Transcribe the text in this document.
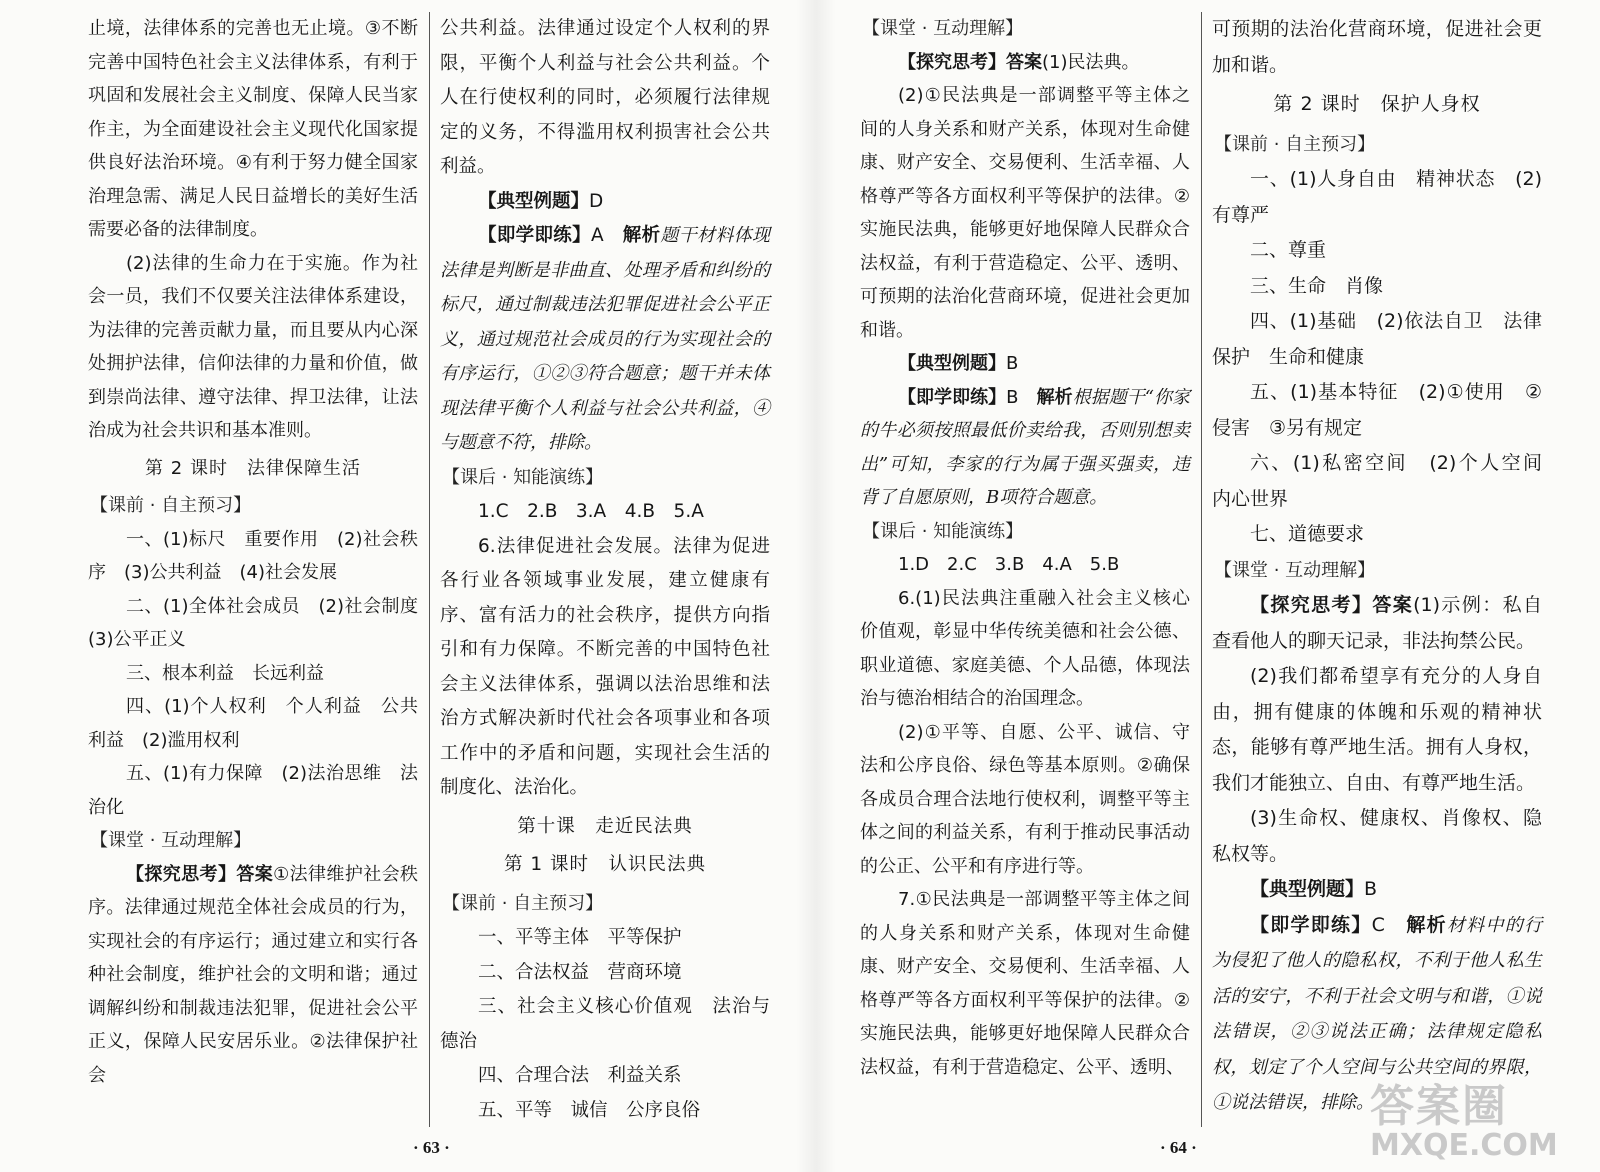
止境，法律体系的完善也无止境。③不断完善中国特色社会主义法律体系，有利于巩固和发展社会主义制度、保障人民当家作主，为全面建设社会主义现代化国家提供良好法治环境。④有利于努力健全国家治理急需、满足人民日益增长的美好生活需要必备的法律制度。

(2)法律的生命力在于实施。作为社会一员，我们不仅要关注法律体系建设，为法律的完善贡献力量，而且要从内心深处拥护法律，信仰法律的力量和价值，做到崇尚法律、遵守法律、捍卫法律，让法治成为社会共识和基本准则。

第 2 课时　法律保障生活

【课前 · 自主预习】

一、(1)标尺　重要作用　(2)社会秩序　(3)公共利益　(4)社会发展

二、(1)全体社会成员　(2)社会制度(3)公平正义

三、根本利益　长远利益

四、(1)个人权利　个人利益　公共利益　(2)滥用权利

五、(1)有力保障　(2)法治思维　法治化

【课堂 · 互动理解】

【探究思考】答案①法律维护社会秩序。法律通过规范全体社会成员的行为，实现社会的有序运行；通过建立和实行各种社会制度，维护社会的文明和谐；通过调解纠纷和制裁违法犯罪，促进社会公平正义，保障人民安居乐业。②法律保护社会

公共利益。法律通过设定个人权利的界限，平衡个人利益与社会公共利益。个人在行使权利的同时，必须履行法律规定的义务，不得滥用权利损害社会公共利益。

【典型例题】D

【即学即练】A　解析题干材料体现法律是判断是非曲直、处理矛盾和纠纷的标尺，通过制裁违法犯罪促进社会公平正义，通过规范社会成员的行为实现社会的有序运行，①②③符合题意；题干并未体现法律平衡个人利益与社会公共利益，④与题意不符，排除。

【课后 · 知能演练】

1.C　2.B　3.A　4.B　5.A

6.法律促进社会发展。法律为促进各行业各领域事业发展，建立健康有序、富有活力的社会秩序，提供方向指引和有力保障。不断完善的中国特色社会主义法律体系，强调以法治思维和法治方式解决新时代社会各项事业和各项工作中的矛盾和问题，实现社会生活的制度化、法治化。

第十课　走近民法典

第 1 课时　认识民法典

【课前 · 自主预习】

一、平等主体　平等保护

二、合法权益　营商环境

三、社会主义核心价值观　法治与德治

四、合理合法　利益关系

五、平等　诚信　公序良俗

【课堂 · 互动理解】

【探究思考】答案(1)民法典。

(2)①民法典是一部调整平等主体之间的人身关系和财产关系，体现对生命健康、财产安全、交易便利、生活幸福、人格尊严等各方面权利平等保护的法律。②实施民法典，能够更好地保障人民群众合法权益，有利于营造稳定、公平、透明、可预期的法治化营商环境，促进社会更加和谐。

【典型例题】B

【即学即练】B　解析根据题干“你家的牛必须按照最低价卖给我，否则别想卖出”可知，李家的行为属于强买强卖，违背了自愿原则，B项符合题意。

【课后 · 知能演练】

1.D　2.C　3.B　4.A　5.B

6.(1)民法典注重融入社会主义核心价值观，彰显中华传统美德和社会公德、职业道德、家庭美德、个人品德，体现法治与德治相结合的治国理念。

(2)①平等、自愿、公平、诚信、守法和公序良俗、绿色等基本原则。②确保各成员合理合法地行使权利，调整平等主体之间的利益关系，有利于推动民事活动的公正、公平和有序进行等。

7.①民法典是一部调整平等主体之间的人身关系和财产关系，体现对生命健康、财产安全、交易便利、生活幸福、人格尊严等各方面权利平等保护的法律。②实施民法典，能够更好地保障人民群众合法权益，有利于营造稳定、公平、透明、

可预期的法治化营商环境，促进社会更加和谐。

第 2 课时　保护人身权

【课前 · 自主预习】

一、(1)人身自由　精神状态　(2)有尊严

二、尊重

三、生命　肖像

四、(1)基础　(2)依法自卫　法律保护　生命和健康

五、(1)基本特征　(2)①使用　②侵害　③另有规定

六、(1)私密空间　(2)个人空间　内心世界

七、道德要求

【课堂 · 互动理解】

【探究思考】答案(1)示例：私自查看他人的聊天记录，非法拘禁公民。

(2)我们都希望享有充分的人身自由，拥有健康的体魄和乐观的精神状态，能够有尊严地生活。拥有人身权，我们才能独立、自由、有尊严地生活。

(3)生命权、健康权、肖像权、隐私权等。

【典型例题】B

【即学即练】C　解析材料中的行为侵犯了他人的隐私权，不利于他人私生活的安宁，不利于社会文明与和谐，①说法错误，②③说法正确；法律规定隐私权，划定了个人空间与公共空间的界限，①说法错误，排除。

· 63 ·	· 64 ·
答案圈
MXQE.COM
